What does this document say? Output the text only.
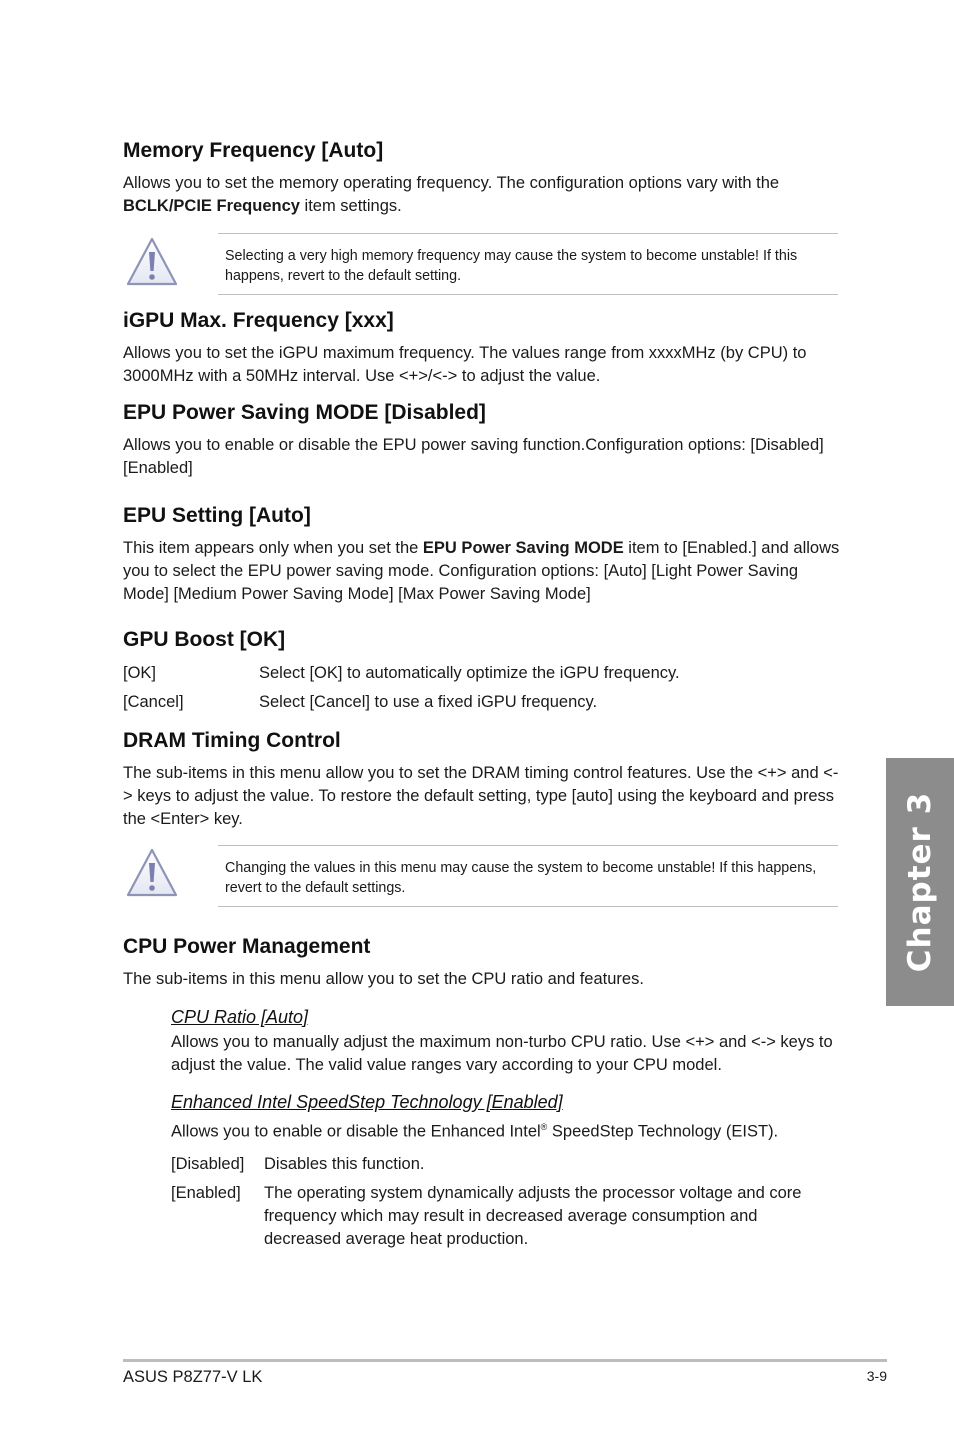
Memory Frequency [Auto]
Allows you to set the memory operating frequency. The configuration options vary with the BCLK/PCIE Frequency item settings.
Selecting a very high memory frequency may cause the system to become unstable! If this happens, revert to the default setting.
iGPU Max. Frequency [xxx]
Allows you to set the iGPU maximum frequency. The values range from xxxxMHz (by CPU) to 3000MHz with a 50MHz interval. Use <+>/<-> to adjust the value.
EPU Power Saving MODE [Disabled]
Allows you to enable or disable the EPU power saving function.Configuration options: [Disabled] [Enabled]
EPU Setting [Auto]
This item appears only when you set the EPU Power Saving MODE item to [Enabled.] and allows you to select the EPU power saving mode. Configuration options: [Auto] [Light Power Saving Mode] [Medium Power Saving Mode] [Max Power Saving Mode]
GPU Boost [OK]
[OK]	Select [OK] to automatically optimize the iGPU frequency.
[Cancel]	Select [Cancel] to use a fixed iGPU frequency.
DRAM Timing Control
The sub-items in this menu allow you to set the DRAM timing control features. Use the <+> and <-> keys to adjust the value. To restore the default setting, type [auto] using the keyboard and press the <Enter> key.
Changing the values in this menu may cause the system to become unstable! If this happens, revert to the default settings.
CPU Power Management
The sub-items in this menu allow you to set the CPU ratio and features.
CPU Ratio [Auto]
Allows you to manually adjust the maximum non-turbo CPU ratio. Use <+> and <-> keys to adjust the value. The valid value ranges vary according to your CPU model.
Enhanced Intel SpeedStep Technology [Enabled]
Allows you to enable or disable the Enhanced Intel® SpeedStep Technology (EIST).
[Disabled] Disables this function.
[Enabled] The operating system dynamically adjusts the processor voltage and core frequency which may result in decreased average consumption and decreased average heat production.
Chapter 3
ASUS P8Z77-V LK	3-9
